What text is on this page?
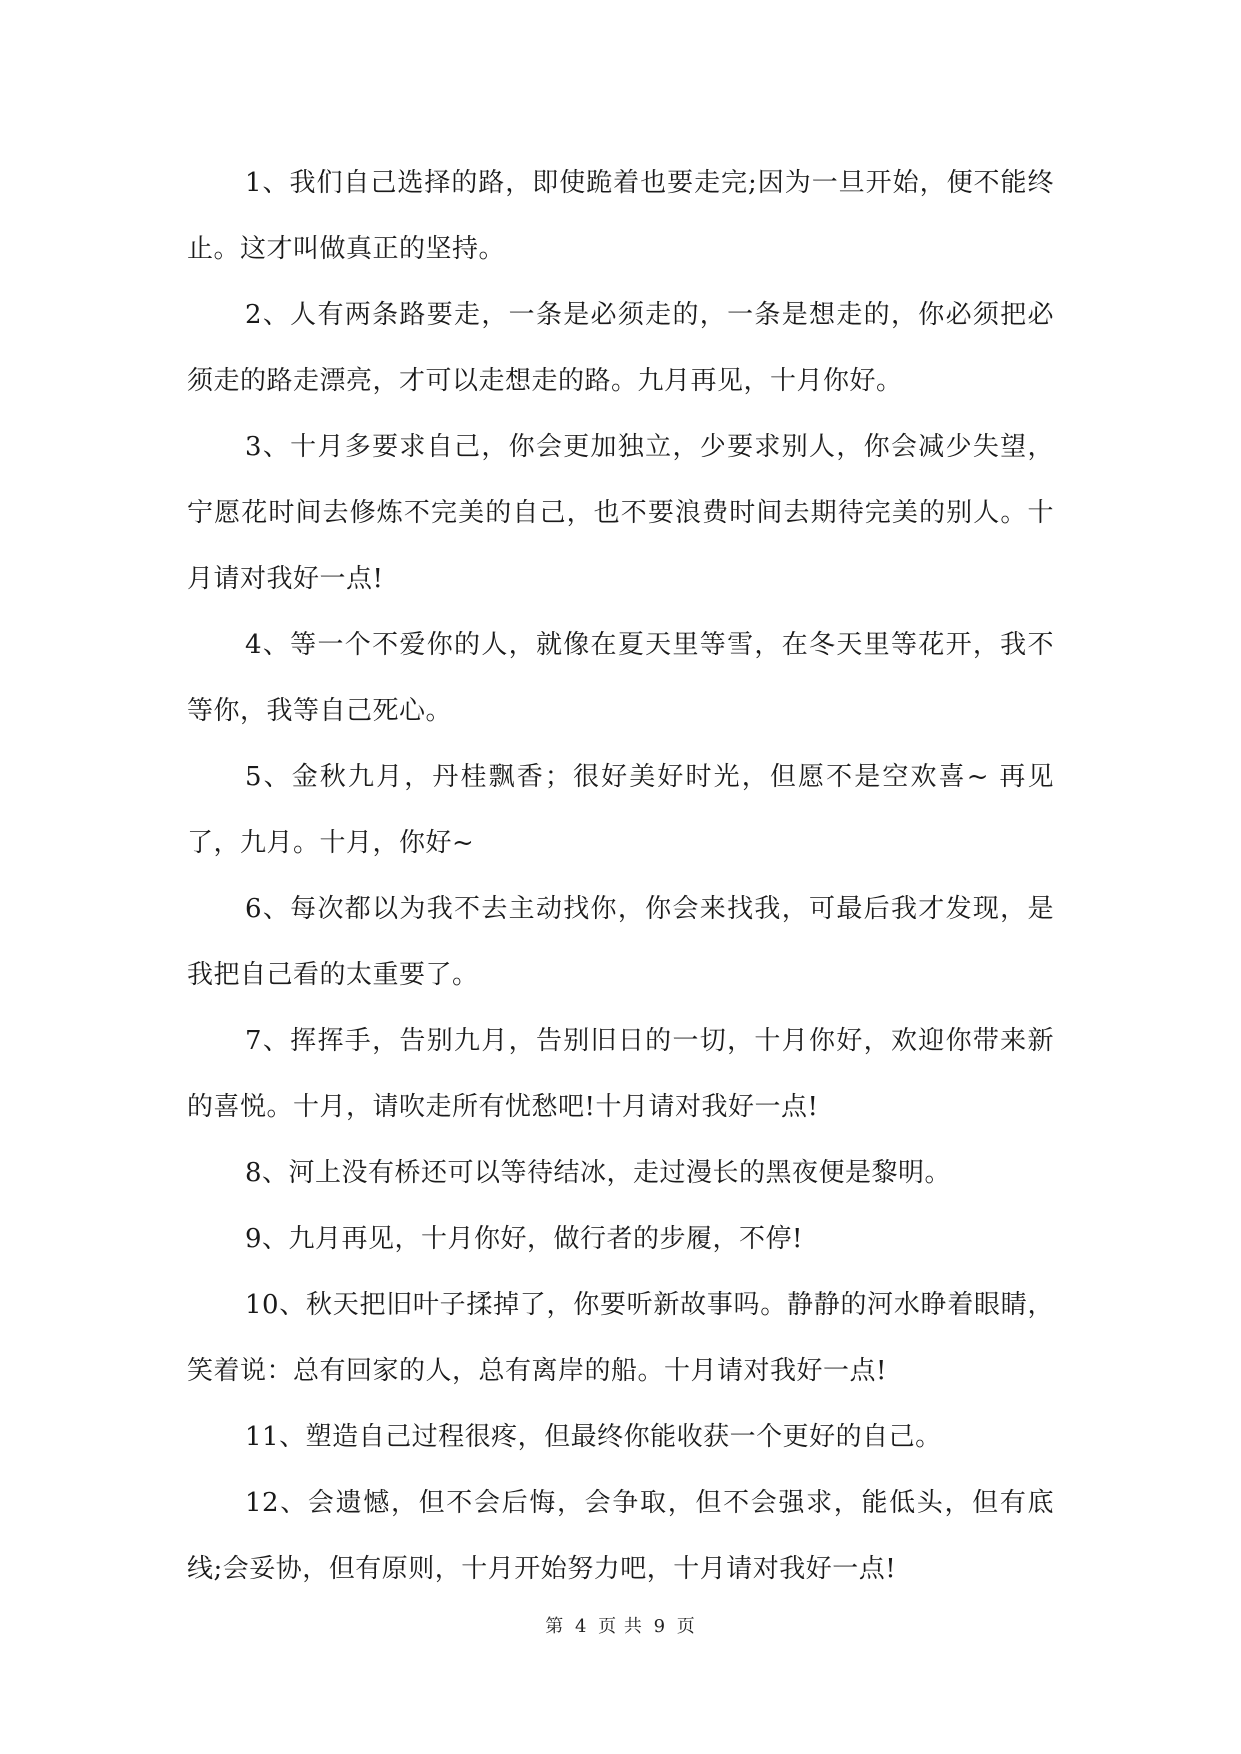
1、我们自己选择的路，即使跪着也要走完;因为一旦开始，便不能终止。这才叫做真正的坚持。

2、人有两条路要走，一条是必须走的，一条是想走的，你必须把必须走的路走漂亮，才可以走想走的路。九月再见，十月你好。

3、十月多要求自己，你会更加独立，少要求别人，你会减少失望，宁愿花时间去修炼不完美的自己，也不要浪费时间去期待完美的别人。十月请对我好一点!

4、等一个不爱你的人，就像在夏天里等雪，在冬天里等花开，我不等你，我等自己死心。

5、金秋九月，丹桂飘香；很好美好时光，但愿不是空欢喜~ 再见了，九月。十月，你好~

6、每次都以为我不去主动找你，你会来找我，可最后我才发现，是我把自己看的太重要了。

7、挥挥手，告别九月，告别旧日的一切，十月你好，欢迎你带来新的喜悦。十月，请吹走所有忧愁吧!十月请对我好一点!

8、河上没有桥还可以等待结冰，走过漫长的黑夜便是黎明。

9、九月再见，十月你好，做行者的步履，不停!

10、秋天把旧叶子揉掉了，你要听新故事吗。静静的河水睁着眼睛，笑着说：总有回家的人，总有离岸的船。十月请对我好一点!

11、塑造自己过程很疼，但最终你能收获一个更好的自己。

12、会遗憾，但不会后悔，会争取，但不会强求，能低头，但有底线;会妥协，但有原则，十月开始努力吧，十月请对我好一点!

第 4 页 共 9 页
